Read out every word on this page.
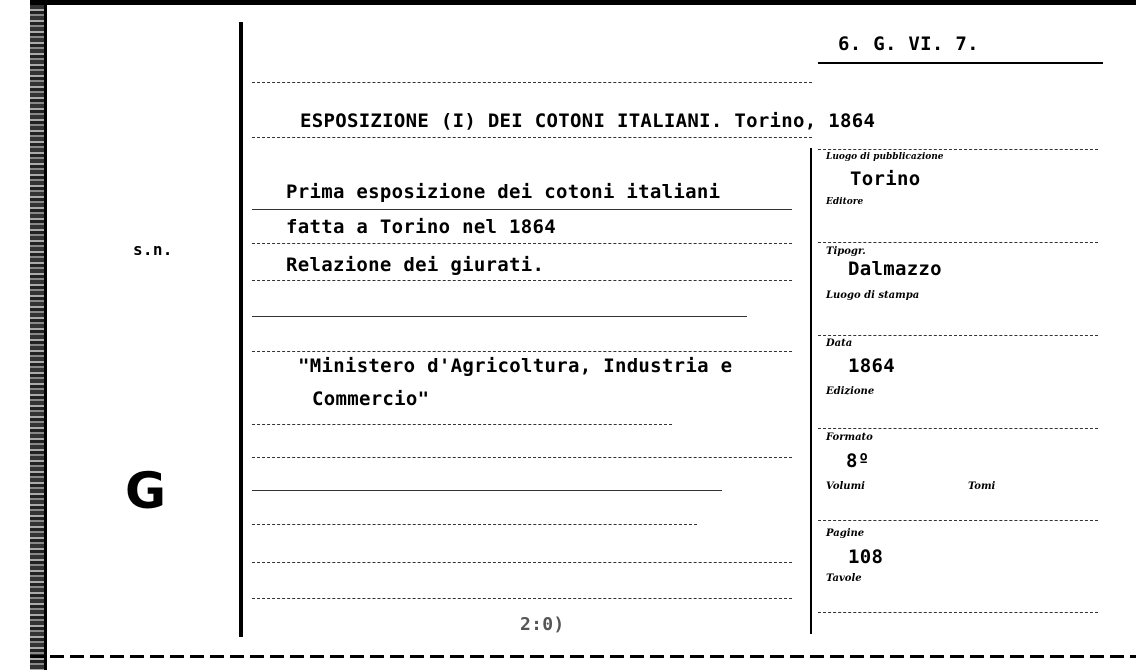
6. G. VI. 7.
ESPOSIZIONE (I) DEI COTONI ITALIANI. Torino, 1864
s.n.
G
Prima esposizione dei cotoni italiani
fatta a Torino nel 1864
Relazione dei giurati.
"Ministero d'Agricoltura, Industria e
Commercio"
2:0)
Luogo di pubblicazione
Torino
Editore
Tipogr.
Dalmazzo
Luogo di stampa
Data
1864
Edizione
Formato
8º
Volumi	Tomi
Pagine
108
Tavole
